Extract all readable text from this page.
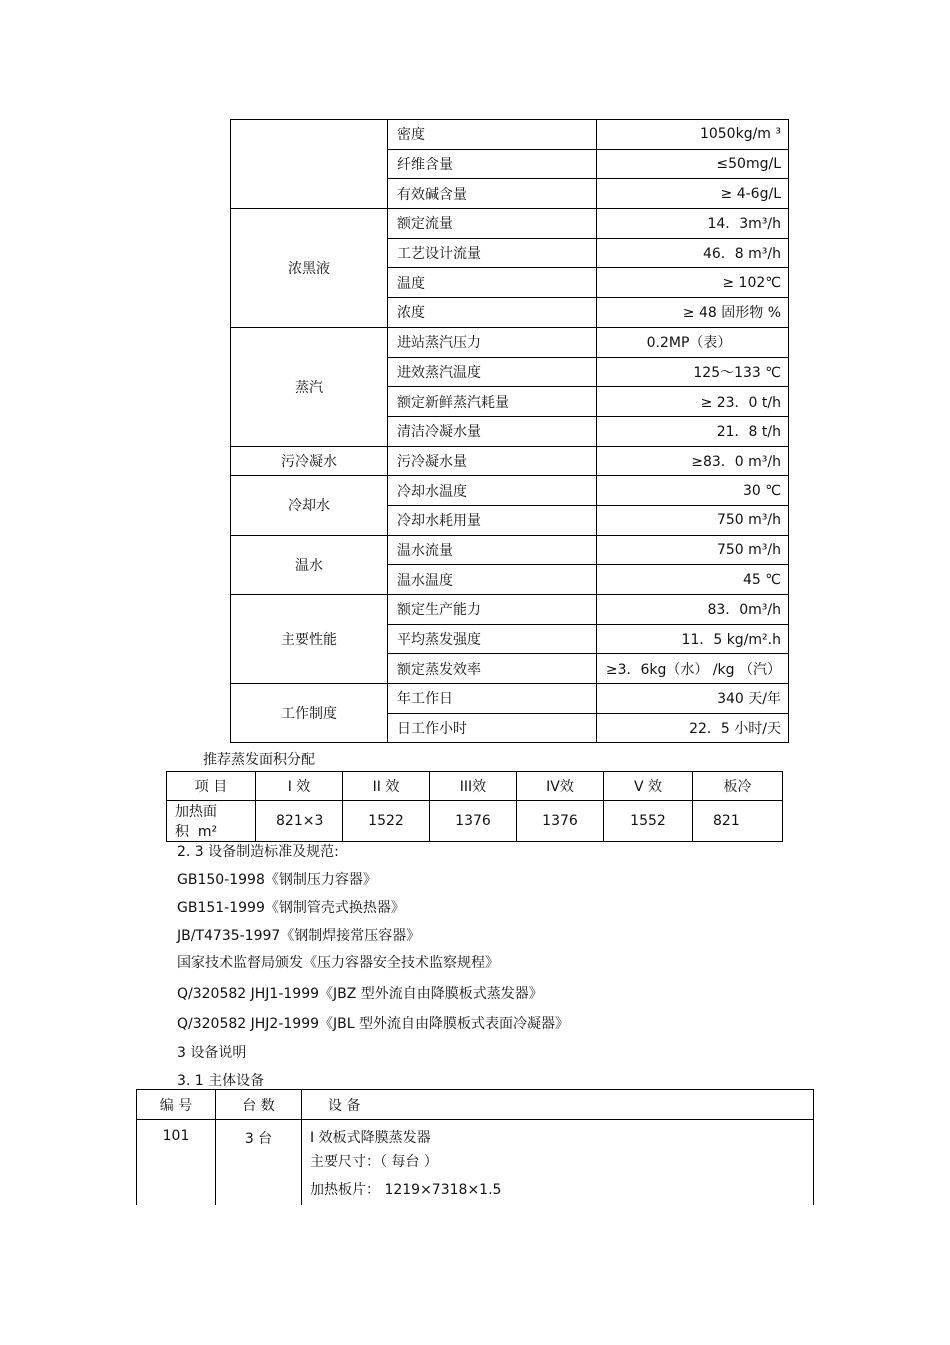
	密度	1050kg/m ³
	纤维含量	≤50mg/L
	有效碱含量	≥ 4-6g/L
浓黑液	额定流量	14．3m³/h
	工艺设计流量	46．8 m³/h
	温度	≥ 102℃
	浓度	≥ 48 固形物 %
蒸汽	进站蒸汽压力	0.2MP（表）
	进效蒸汽温度	125～133 ℃
	额定新鲜蒸汽耗量	≥ 23．0 t/h
	清洁冷凝水量	21．8 t/h
污冷凝水	污冷凝水量	≥83．0 m³/h
冷却水	冷却水温度	30 ℃
	冷却水耗用量	750 m³/h
温水	温水流量	750 m³/h
	温水温度	45 ℃
主要性能	额定生产能力	83．0m³/h
	平均蒸发强度	11．5 kg/m².h
	额定蒸发效率	≥3．6kg（水） /kg （汽）
工作制度	年工作日	340 天/年
	日工作小时	22．5 小时/天
推荐蒸发面积分配
项 目	I 效	II 效	III效	IV效	V 效	板冷
加热面积 m²	821×3	1522	1376	1376	1552	821
2. 3 设备制造标准及规范:
GB150-1998《钢制压力容器》
GB151-1999《钢制管壳式换热器》
JB/T4735-1997《钢制焊接常压容器》
国家技术监督局颁发《压力容器安全技术监察规程》
Q/320582 JHJ1-1999《JBZ 型外流自由降膜板式蒸发器》
Q/320582 JHJ2-1999《JBL 型外流自由降膜板式表面冷凝器》
3 设备说明
3. 1 主体设备
编 号	台 数	设 备
101	3 台	I 效板式降膜蒸发器
主要尺寸：（ 每台 ）
加热板片： 1219×7318×1.5
